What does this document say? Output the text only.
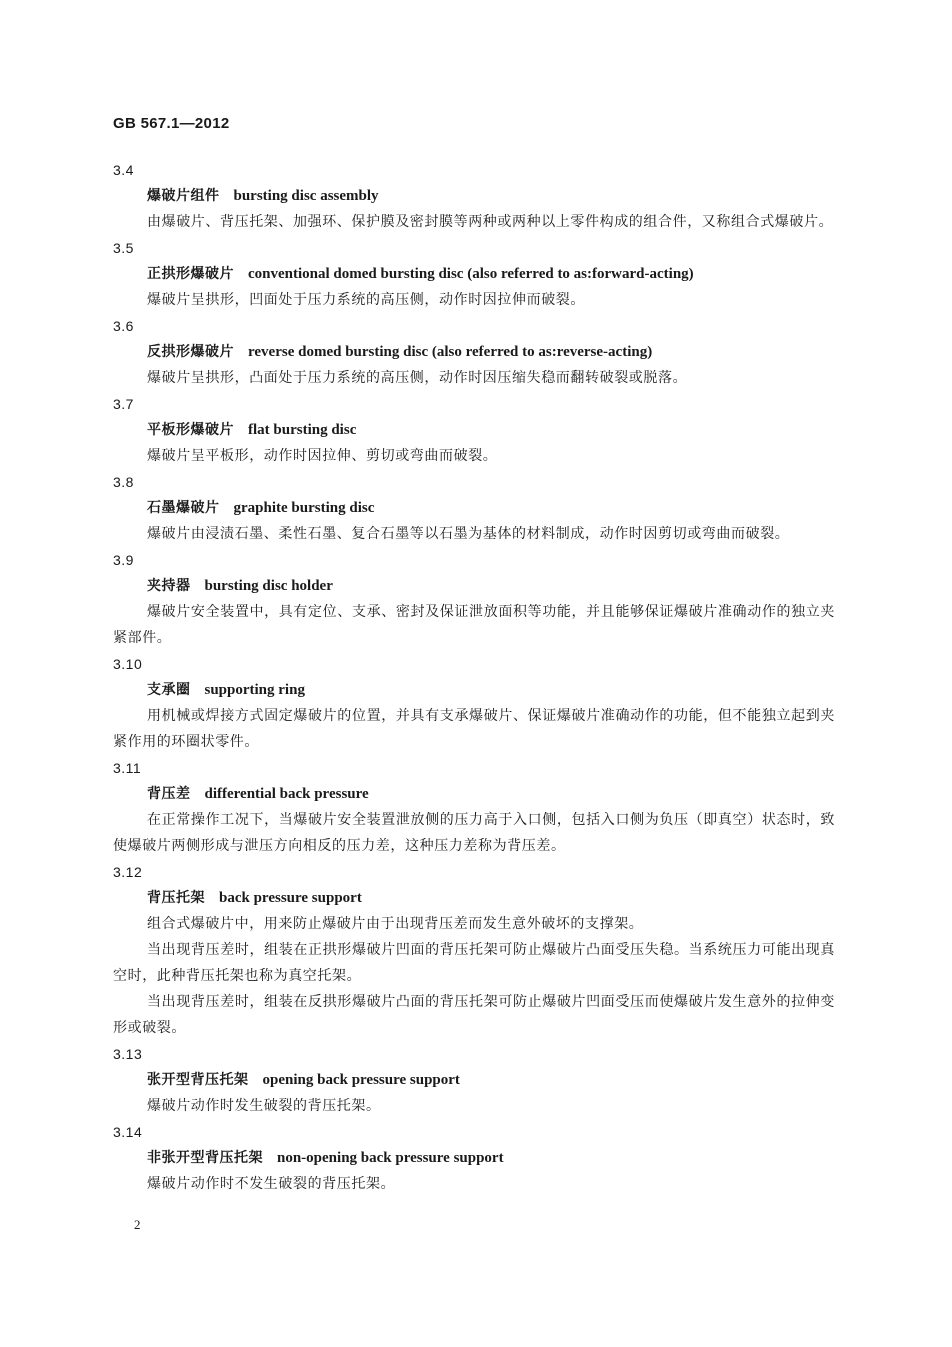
GB 567.1—2012
3.4
爆破片组件 bursting disc assembly
由爆破片、背压托架、加强环、保护膜及密封膜等两种或两种以上零件构成的组合件，又称组合式爆破片。
3.5
正拱形爆破片 conventional domed bursting disc (also referred to as:forward-acting)
爆破片呈拱形，凹面处于压力系统的高压侧，动作时因拉伸而破裂。
3.6
反拱形爆破片 reverse domed bursting disc (also referred to as:reverse-acting)
爆破片呈拱形，凸面处于压力系统的高压侧，动作时因压缩失稳而翻转破裂或脱落。
3.7
平板形爆破片 flat bursting disc
爆破片呈平板形，动作时因拉伸、剪切或弯曲而破裂。
3.8
石墨爆破片 graphite bursting disc
爆破片由浸渍石墨、柔性石墨、复合石墨等以石墨为基体的材料制成，动作时因剪切或弯曲而破裂。
3.9
夹持器 bursting disc holder
爆破片安全装置中，具有定位、支承、密封及保证泄放面积等功能，并且能够保证爆破片准确动作的独立夹紧部件。
3.10
支承圈 supporting ring
用机械或焊接方式固定爆破片的位置，并具有支承爆破片、保证爆破片准确动作的功能，但不能独立起到夹紧作用的环圈状零件。
3.11
背压差 differential back pressure
在正常操作工况下，当爆破片安全装置泄放侧的压力高于入口侧，包括入口侧为负压（即真空）状态时，致使爆破片两侧形成与泄压方向相反的压力差，这种压力差称为背压差。
3.12
背压托架 back pressure support
组合式爆破片中，用来防止爆破片由于出现背压差而发生意外破坏的支撑架。
当出现背压差时，组装在正拱形爆破片凹面的背压托架可防止爆破片凸面受压失稳。当系统压力可能出现真空时，此种背压托架也称为真空托架。
当出现背压差时，组装在反拱形爆破片凸面的背压托架可防止爆破片凹面受压而使爆破片发生意外的拉伸变形或破裂。
3.13
张开型背压托架 opening back pressure support
爆破片动作时发生破裂的背压托架。
3.14
非张开型背压托架 non-opening back pressure support
爆破片动作时不发生破裂的背压托架。
2
